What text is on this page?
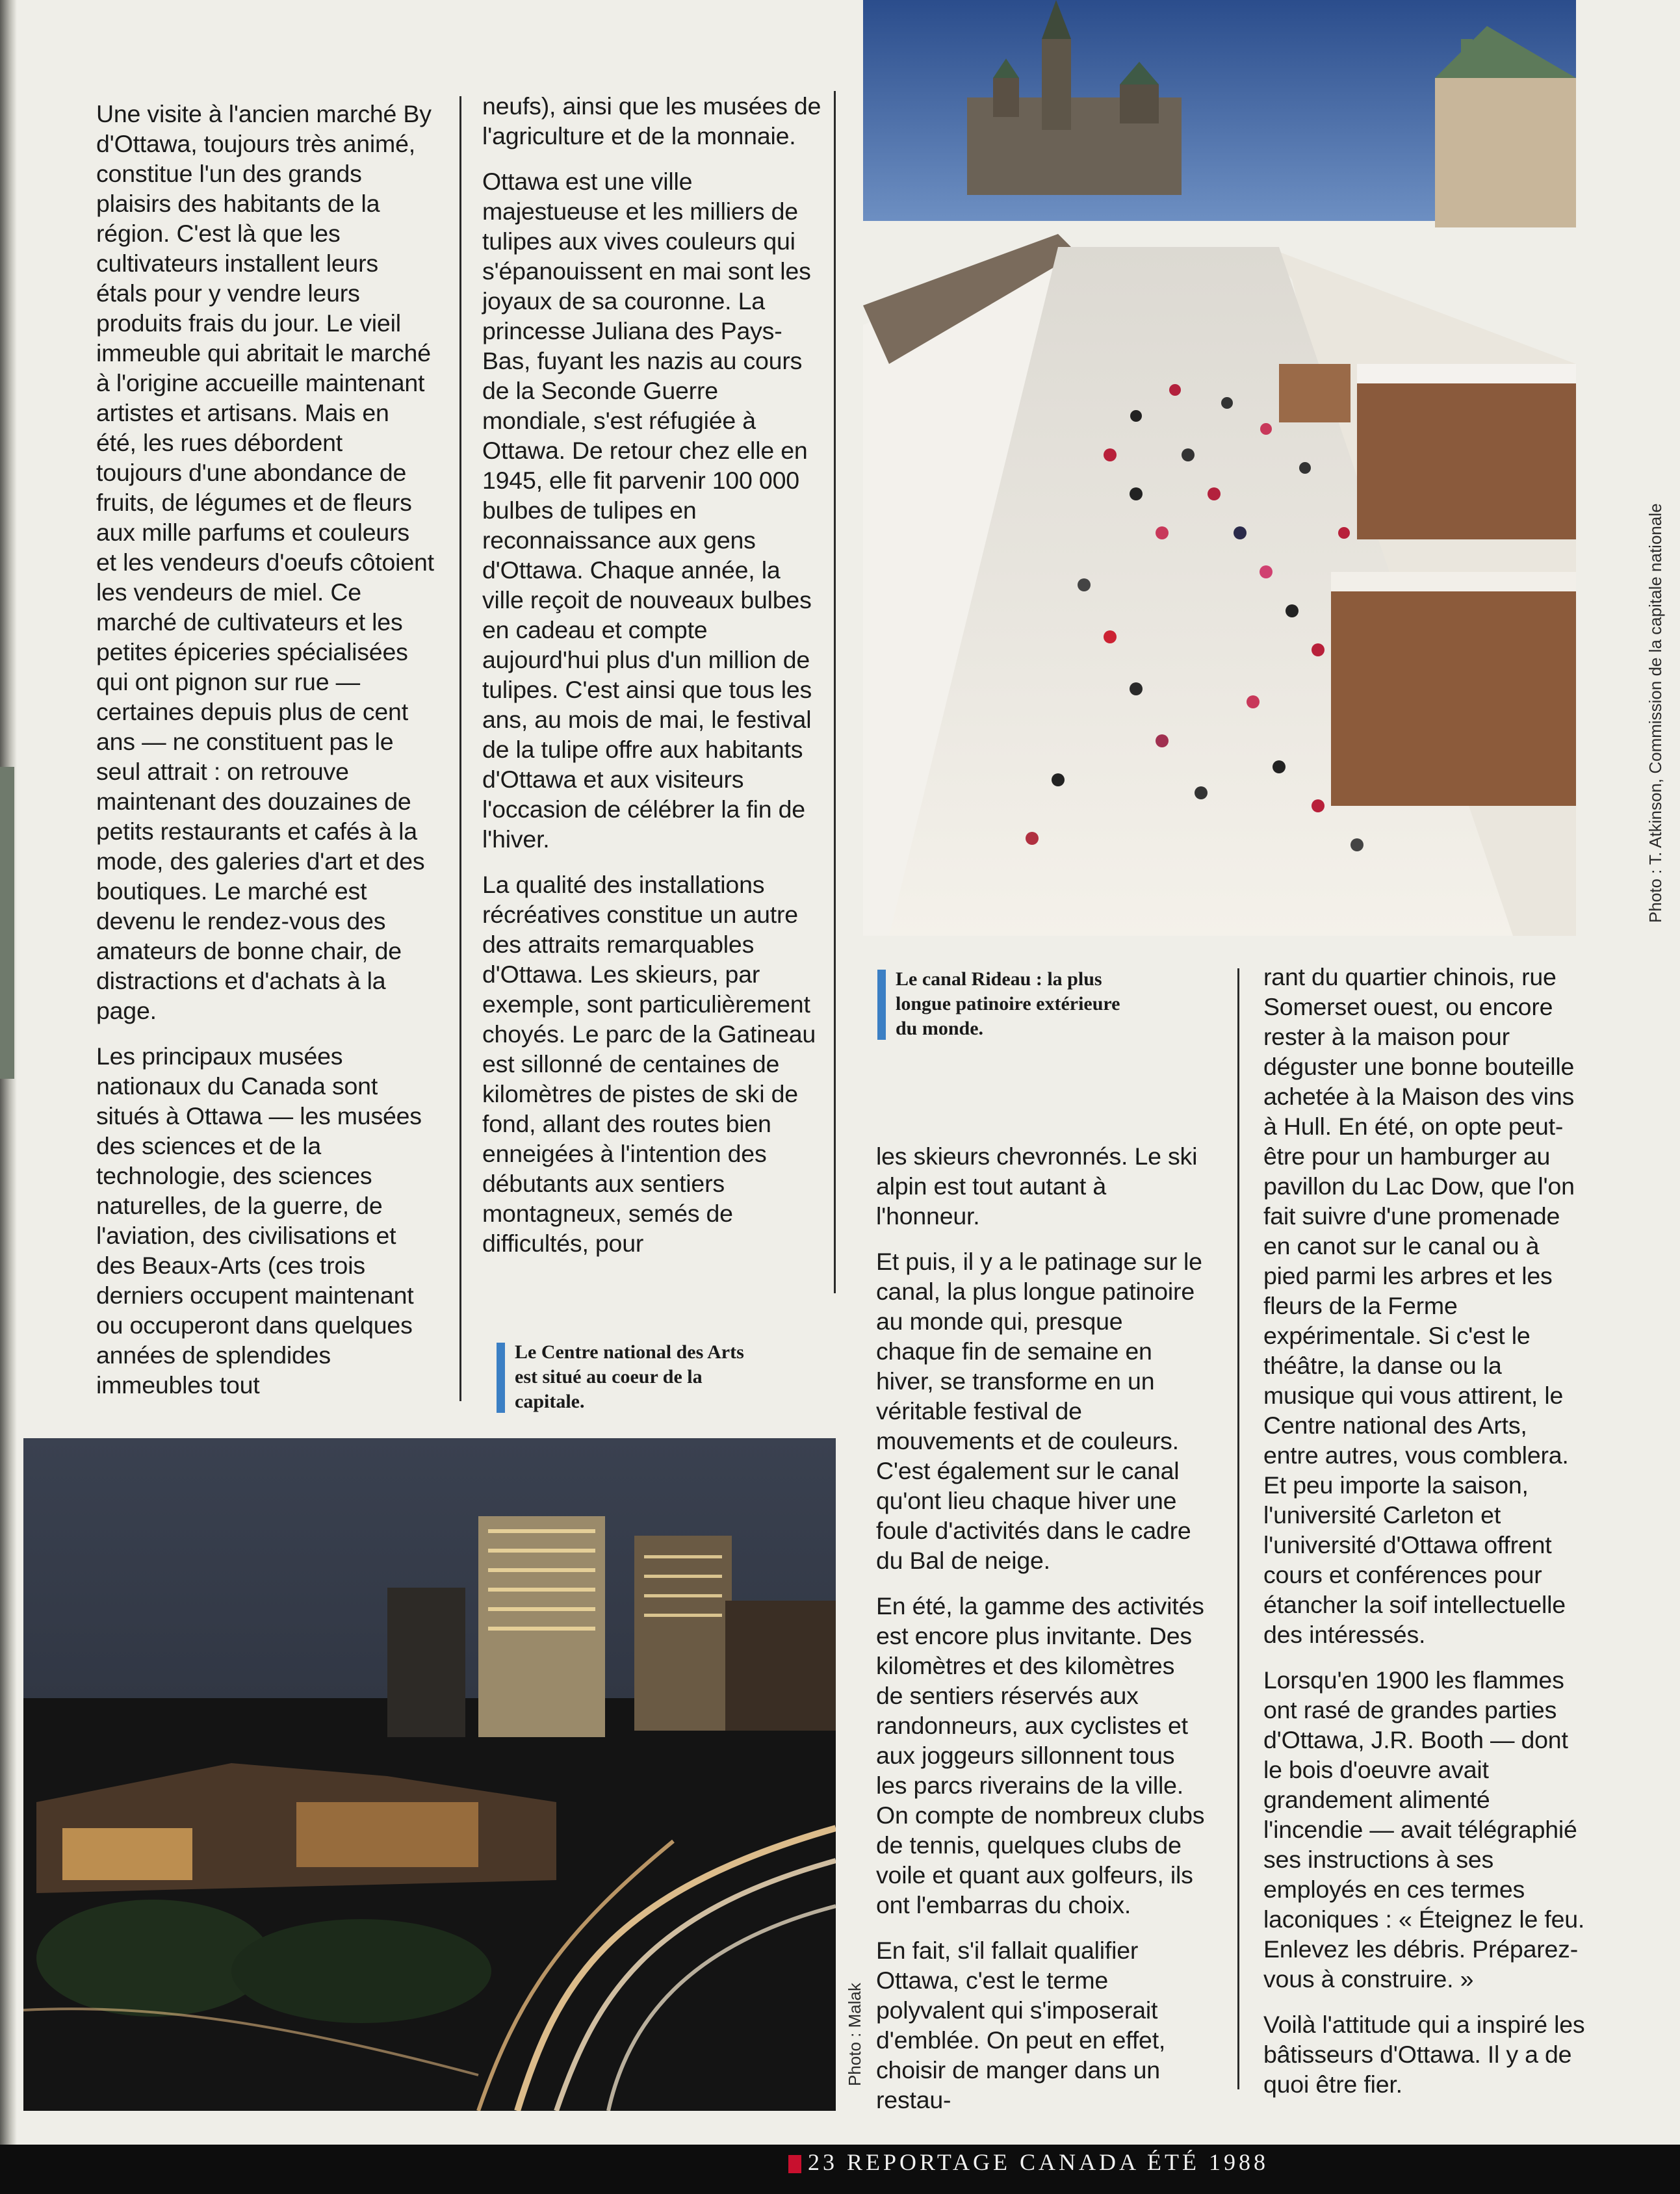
Une visite à l'ancien marché By d'Ottawa, toujours très animé, constitue l'un des grands plaisirs des habitants de la région. C'est là que les cultivateurs installent leurs étals pour y vendre leurs produits frais du jour. Le vieil immeuble qui abritait le marché à l'origine accueille maintenant artistes et artisans. Mais en été, les rues débordent toujours d'une abondance de fruits, de légumes et de fleurs aux mille parfums et couleurs et les vendeurs d'oeufs côtoient les vendeurs de miel. Ce marché de cultivateurs et les petites épiceries spécialisées qui ont pignon sur rue — certaines depuis plus de cent ans — ne constituent pas le seul attrait : on retrouve maintenant des douzaines de petits restaurants et cafés à la mode, des galeries d'art et des boutiques. Le marché est devenu le rendez-vous des amateurs de bonne chair, de distractions et d'achats à la page.

Les principaux musées nationaux du Canada sont situés à Ottawa — les musées des sciences et de la technologie, des sciences naturelles, de la guerre, de l'aviation, des civilisations et des Beaux-Arts (ces trois derniers occupent maintenant ou occuperont dans quelques années de splendides immeubles tout

neufs), ainsi que les musées de l'agriculture et de la monnaie.

Ottawa est une ville majestueuse et les milliers de tulipes aux vives couleurs qui s'épanouissent en mai sont les joyaux de sa couronne. La princesse Juliana des Pays-Bas, fuyant les nazis au cours de la Seconde Guerre mondiale, s'est réfugiée à Ottawa. De retour chez elle en 1945, elle fit parvenir 100 000 bulbes de tulipes en reconnaissance aux gens d'Ottawa. Chaque année, la ville reçoit de nouveaux bulbes en cadeau et compte aujourd'hui plus d'un million de tulipes. C'est ainsi que tous les ans, au mois de mai, le festival de la tulipe offre aux habitants d'Ottawa et aux visiteurs l'occasion de célébrer la fin de l'hiver.

La qualité des installations récréatives constitue un autre des attraits remarquables d'Ottawa. Les skieurs, par exemple, sont particulièrement choyés. Le parc de la Gatineau est sillonné de centaines de kilomètres de pistes de ski de fond, allant des routes bien enneigées à l'intention des débutants aux sentiers montagneux, semés de difficultés, pour

Le Centre national des Arts est situé au coeur de la capitale.
Photo : T. Atkinson, Commission de la capitale nationale
Le canal Rideau : la plus longue patinoire extérieure du monde.

les skieurs chevronnés. Le ski alpin est tout autant à l'honneur.

Et puis, il y a le patinage sur le canal, la plus longue patinoire au monde qui, presque chaque fin de semaine en hiver, se transforme en un véritable festival de mouvements et de couleurs. C'est également sur le canal qu'ont lieu chaque hiver une foule d'activités dans le cadre du Bal de neige.

En été, la gamme des activités est encore plus invitante. Des kilomètres et des kilomètres de sentiers réservés aux randonneurs, aux cyclistes et aux joggeurs sillonnent tous les parcs riverains de la ville. On compte de nombreux clubs de tennis, quelques clubs de voile et quant aux golfeurs, ils ont l'embarras du choix.

En fait, s'il fallait qualifier Ottawa, c'est le terme polyvalent qui s'imposerait d'emblée. On peut en effet, choisir de manger dans un restau-

rant du quartier chinois, rue Somerset ouest, ou encore rester à la maison pour déguster une bonne bouteille achetée à la Maison des vins à Hull. En été, on opte peut-être pour un hamburger au pavillon du Lac Dow, que l'on fait suivre d'une promenade en canot sur le canal ou à pied parmi les arbres et les fleurs de la Ferme expérimentale. Si c'est le théâtre, la danse ou la musique qui vous attirent, le Centre national des Arts, entre autres, vous comblera. Et peu importe la saison, l'université Carleton et l'université d'Ottawa offrent cours et conférences pour étancher la soif intellectuelle des intéressés.

Lorsqu'en 1900 les flammes ont rasé de grandes parties d'Ottawa, J.R. Booth — dont le bois d'oeuvre avait grandement alimenté l'incendie — avait télégraphié ses instructions à ses employés en ces termes laconiques : « Éteignez le feu. Enlevez les débris. Préparez-vous à construire. »

Voilà l'attitude qui a inspiré les bâtisseurs d'Ottawa. Il y a de quoi être fier.

Photo : Malak
23 REPORTAGE CANADA ÉTÉ 1988
